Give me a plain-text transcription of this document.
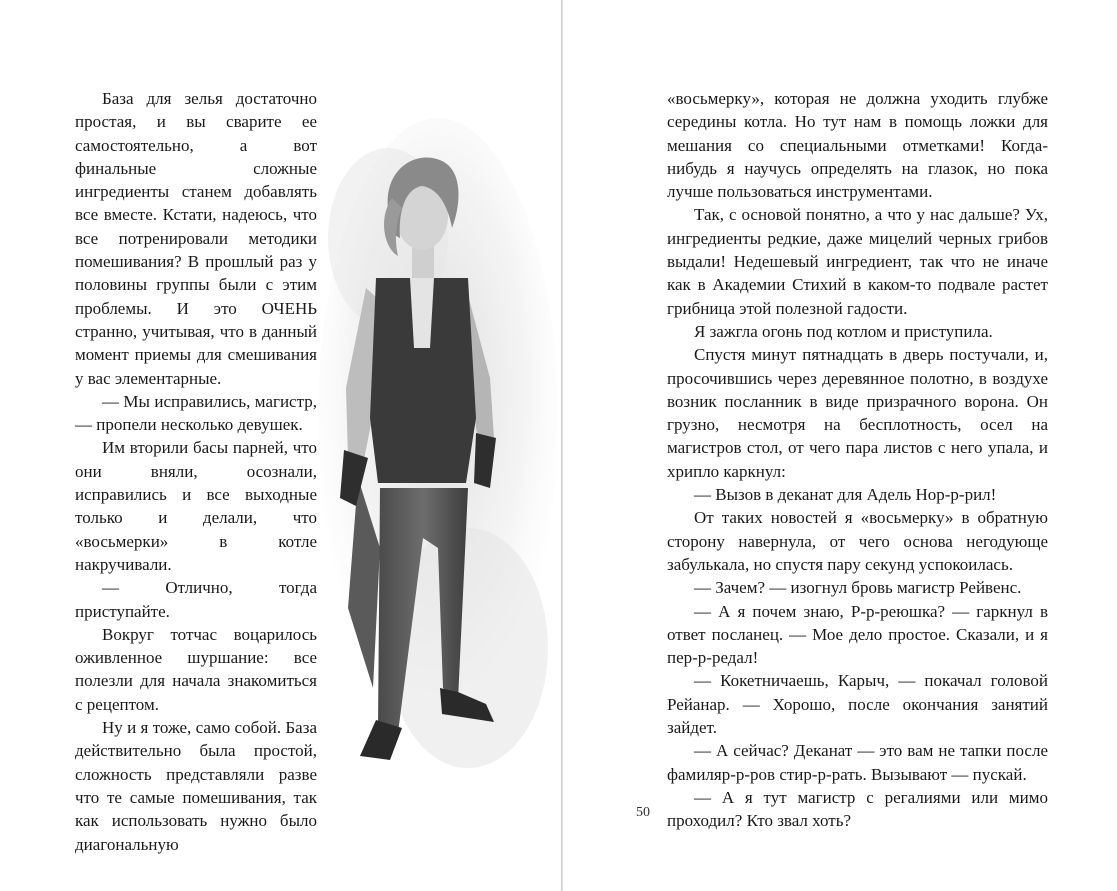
База для зелья достаточно простая, и вы сварите ее самостоятельно, а вот финальные сложные ингредиенты станем добавлять все вместе. Кстати, надеюсь, что все потренировали методики помешивания? В прошлый раз у половины группы были с этим проблемы. И это ОЧЕНЬ странно, учитывая, что в данный момент приемы для смешивания у вас элементарные.

— Мы исправились, магистр, — пропели несколько девушек.

Им вторили басы парней, что они вняли, осознали, исправились и все выходные только и делали, что «восьмерки» в котле накручивали.

— Отлично, тогда приступайте.

Вокруг тотчас воцарилось оживленное шуршание: все полезли для начала знакомиться с рецептом.

Ну и я тоже, само собой. База действительно была простой, сложность представляли разве что те самые помешивания, так как использовать нужно было диагональную

«восьмерку», которая не должна уходить глубже середины котла. Но тут нам в помощь ложки для мешания со специальными отметками! Когда-нибудь я научусь определять на глазок, но пока лучше пользоваться инструментами.

Так, с основой понятно, а что у нас дальше? Ух, ингредиенты редкие, даже мицелий черных грибов выдали! Недешевый ингредиент, так что не иначе как в Академии Стихий в каком-то подвале растет грибница этой полезной гадости.

Я зажгла огонь под котлом и приступила.

Спустя минут пятнадцать в дверь постучали, и, просочившись через деревянное полотно, в воздухе возник посланник в виде призрачного ворона. Он грузно, несмотря на бесплотность, осел на магистров стол, от чего пара листов с него упала, и хрипло каркнул:

— Вызов в деканат для Адель Нор-р-рил!

От таких новостей я «восьмерку» в обратную сторону навернула, от чего основа негодующе забулькала, но спустя пару секунд успокоилась.

— Зачем? — изогнул бровь магистр Рейвенс.

— А я почем знаю, Р-р-реюшка? — гаркнул в ответ посланец. — Мое дело простое. Сказали, и я пер-р-редал!

— Кокетничаешь, Карыч, — покачал головой Рейанар. — Хорошо, после окончания занятий зайдет.

— А сейчас? Деканат — это вам не тапки после фамиляр-р-ров стир-р-рать. Вызывают — пускай.

— А я тут магистр с регалиями или мимо проходил? Кто звал хоть?

50
